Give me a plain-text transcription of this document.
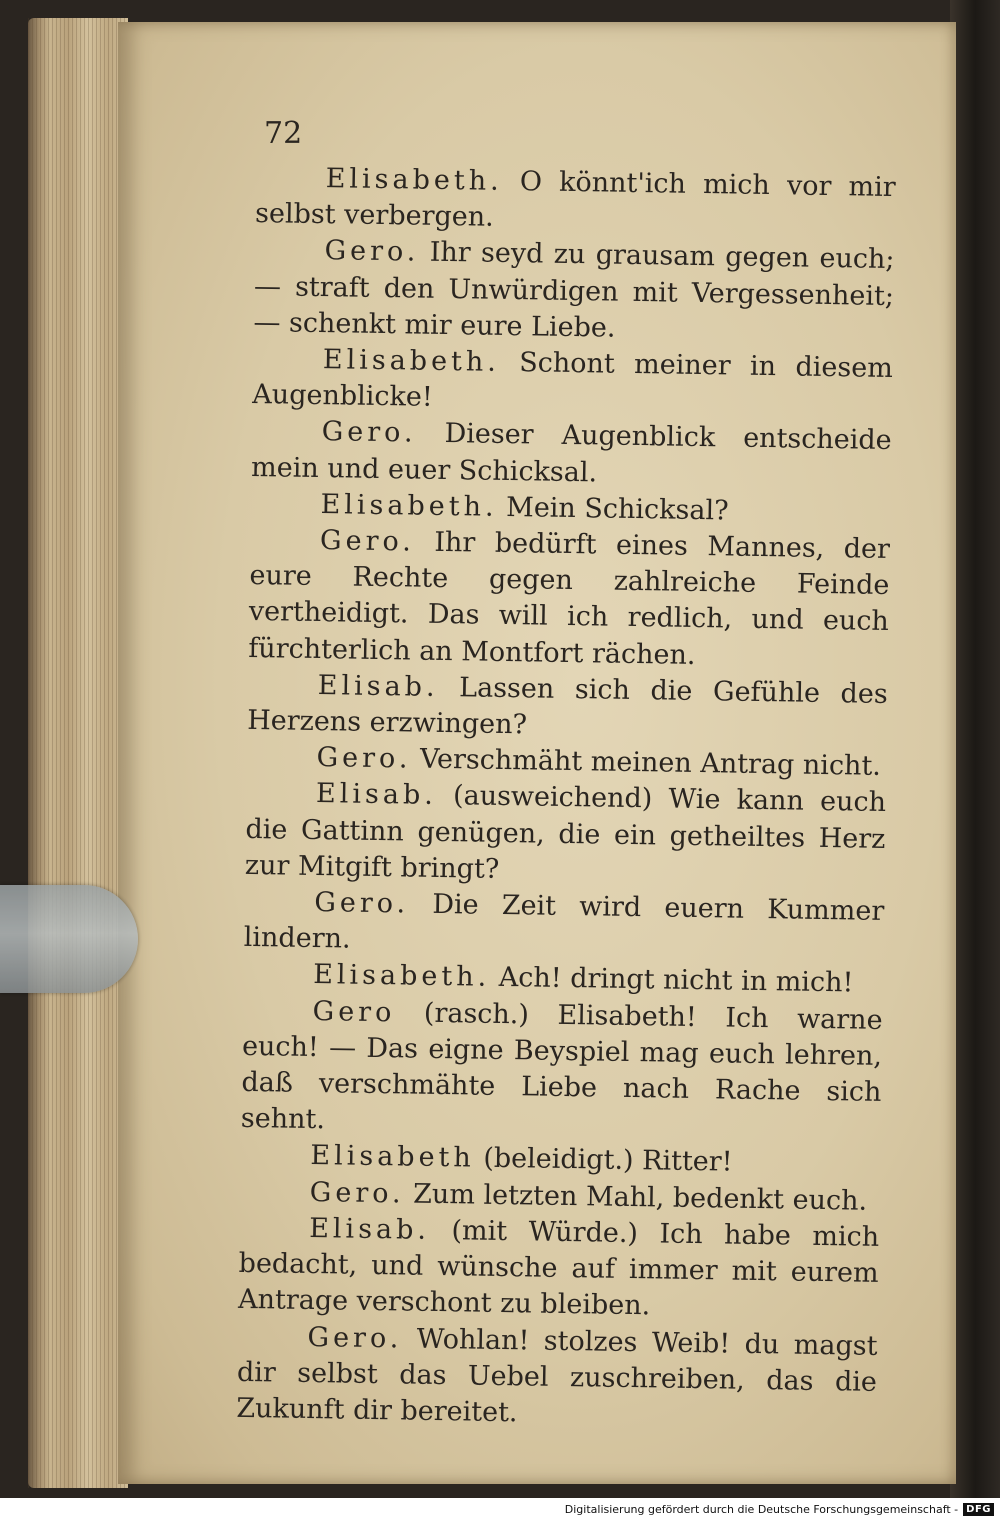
72

Elisabeth. O könnt'ich mich vor mir selbst verbergen.

Gero. Ihr seyd zu grausam gegen euch; — straft den Unwürdigen mit Vergessenheit; — schenkt mir eure Liebe.

Elisabeth. Schont meiner in diesem Augenblicke!

Gero. Dieser Augenblick entscheide mein und euer Schicksal.

Elisabeth. Mein Schicksal?

Gero. Ihr bedürft eines Mannes, der eure Rechte gegen zahlreiche Feinde vertheidigt. Das will ich redlich, und euch fürchterlich an Montfort rächen.

Elisab. Lassen sich die Gefühle des Herzens erzwingen?

Gero. Verschmäht meinen Antrag nicht.

Elisab. (ausweichend) Wie kann euch die Gattinn genügen, die ein getheiltes Herz zur Mitgift bringt?

Gero. Die Zeit wird euern Kummer lindern.

Elisabeth. Ach! dringt nicht in mich!

Gero (rasch.) Elisabeth! Ich warne euch! — Das eigne Beyspiel mag euch lehren, daß verschmähte Liebe nach Rache sich sehnt.

Elisabeth (beleidigt.) Ritter!

Gero. Zum letzten Mahl, bedenkt euch.

Elisab. (mit Würde.) Ich habe mich bedacht, und wünsche auf immer mit eurem Antrage verschont zu bleiben.

Gero. Wohlan! stolzes Weib! du magst dir selbst das Uebel zuschreiben, das die Zukunft dir bereitet.

Digitalisierung gefördert durch die Deutsche Forschungsgemeinschaft - DFG
